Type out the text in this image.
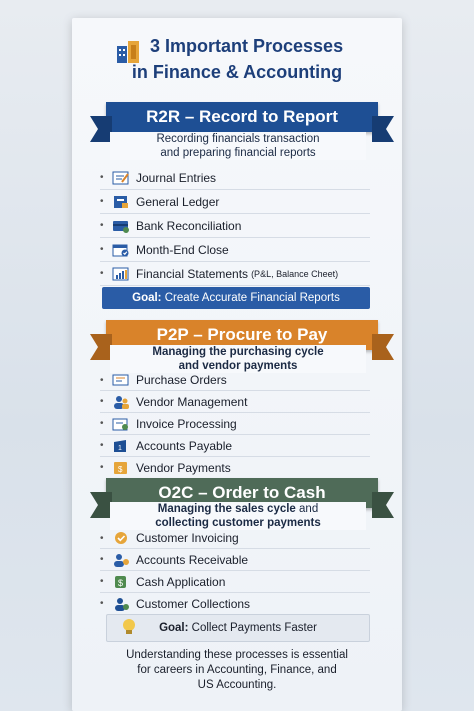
3 Important Processes
in Finance & Accounting
R2R – Record to Report
Recording financials transaction
and preparing financial reports
•	Journal Entries
•	General Ledger
•	Bank Reconciliation
•	Month-End Close
•	Financial Statements (P&L, Balance Cheet)
Goal: Create Accurate Financial Reports
P2P – Procure to Pay
Managing the purchasing cycle
and vendor payments
•	Purchase Orders
•	Vendor Management
•	Invoice Processing
•	1 Accounts Payable
•	$ Vendor Payments
O2C – Order to Cash
Managing the sales cycle and
collecting customer payments
•	Customer Invoicing
•	Accounts Receivable
• $ Cash Application
•	Customer Collections
Goal: Collect Payments Faster
Understanding these processes is essential
for careers in Accounting, Finance, and
US Accounting.
